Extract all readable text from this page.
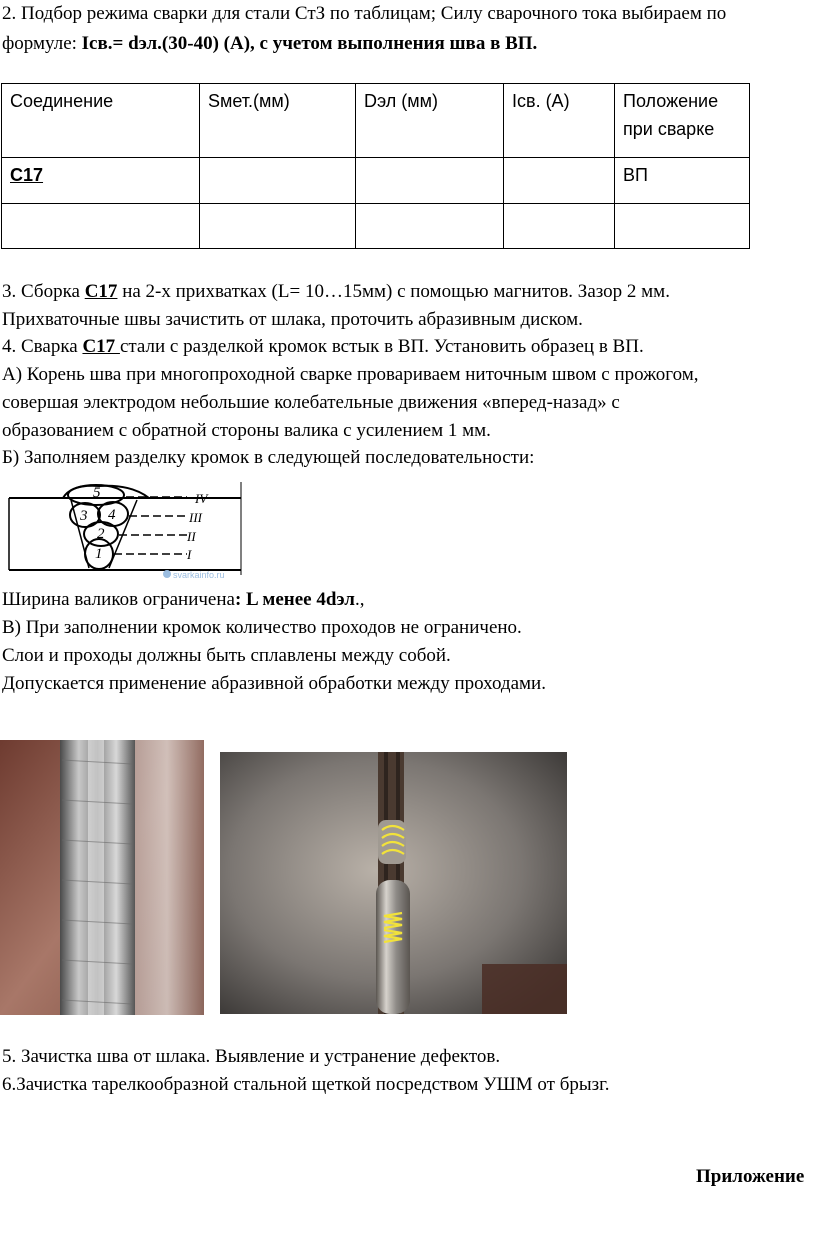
2. Подбор режима сварки для стали СтЗ по таблицам; Силу сварочного тока выбираем по
формуле: Iсв.= dэл.(30-40) (А), с учетом выполнения шва в ВП.
Соединение	Sмет.(мм)	Dэл (мм)	Iсв. (А)	Положение при сварке
С17				ВП

3. Сборка С17 на 2-х прихватках (L= 10…15мм) с помощью магнитов. Зазор 2 мм.
Прихваточные швы зачистить от шлака, проточить абразивным диском.
4. Сварка С17 стали с разделкой кромок встык в ВП. Установить образец в ВП.
А) Корень шва при многопроходной сварке провариваем ниточным швом с прожогом,
совершая электродом небольшие колебательные движения «вперед-назад» с
образованием с обратной стороны валика с усилением 1 мм.
Б) Заполняем разделку кромок в следующей последовательности:
5
3 4
2
1
IV
III
II
I
svarkainfo.ru
Ширина валиков ограничена: L менее 4dэл.,
В) При заполнении кромок количество проходов не ограничено.
Слои и проходы должны быть сплавлены между собой.
Допускается применение абразивной обработки между проходами.
5. Зачистка шва от шлака. Выявление и устранение дефектов.
6.Зачистка тарелкообразной стальной щеткой посредством УШМ от брызг.
Приложение
